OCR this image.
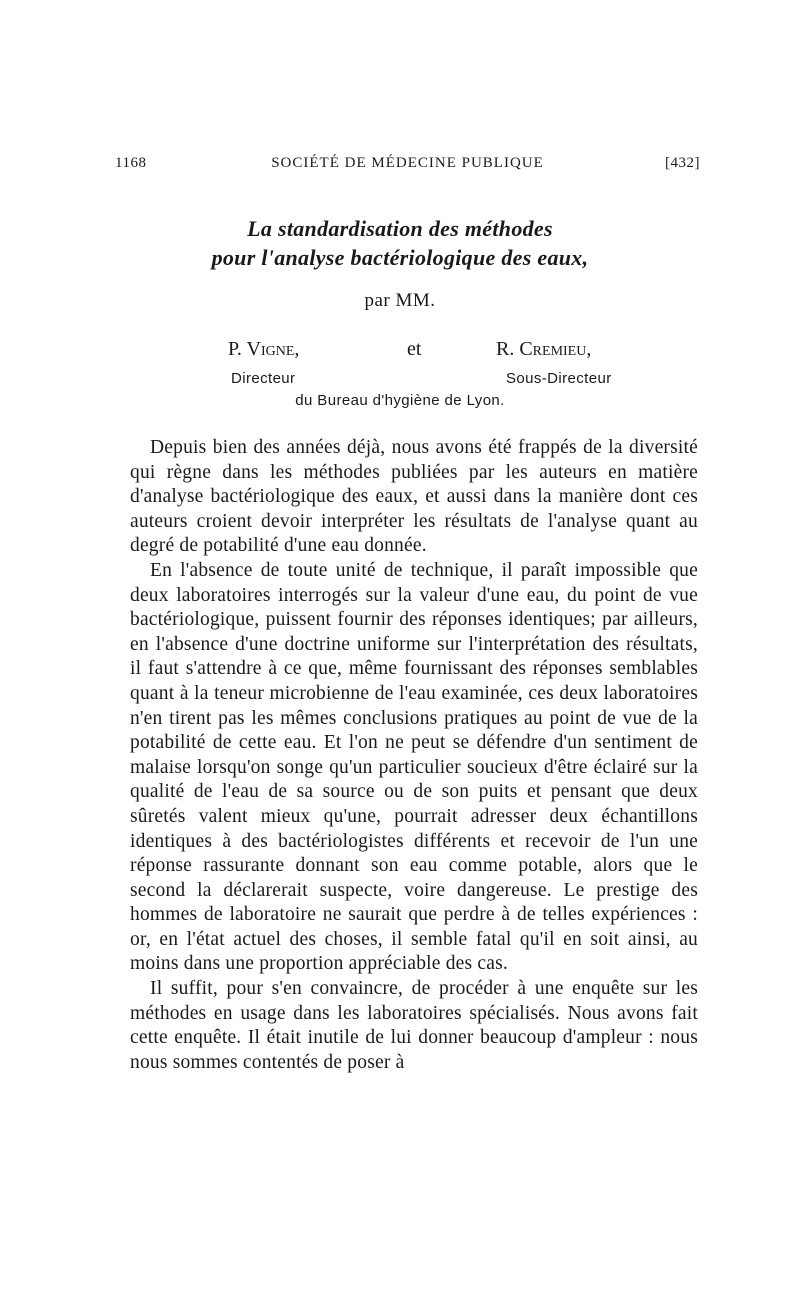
1168	SOCIÉTÉ DE MÉDECINE PUBLIQUE	[432]
La standardisation des méthodes
pour l'analyse bactériologique des eaux,
par MM.
P. Vigne,	et	R. Cremieu,
Directeur	Sous-Directeur
du Bureau d'hygiène de Lyon.

Depuis bien des années déjà, nous avons été frappés de la diversité qui règne dans les méthodes publiées par les auteurs en matière d'analyse bactériologique des eaux, et aussi dans la manière dont ces auteurs croient devoir interpréter les résultats de l'analyse quant au degré de potabilité d'une eau donnée.

En l'absence de toute unité de technique, il paraît impossible que deux laboratoires interrogés sur la valeur d'une eau, du point de vue bactériologique, puissent fournir des réponses identiques; par ailleurs, en l'absence d'une doctrine uniforme sur l'interprétation des résultats, il faut s'attendre à ce que, même fournissant des réponses semblables quant à la teneur microbienne de l'eau examinée, ces deux laboratoires n'en tirent pas les mêmes conclusions pratiques au point de vue de la potabilité de cette eau. Et l'on ne peut se défendre d'un sentiment de malaise lorsqu'on songe qu'un particulier soucieux d'être éclairé sur la qualité de l'eau de sa source ou de son puits et pensant que deux sûretés valent mieux qu'une, pourrait adresser deux échantillons identiques à des bactériologistes différents et recevoir de l'un une réponse rassurante donnant son eau comme potable, alors que le second la déclarerait suspecte, voire dangereuse. Le prestige des hommes de laboratoire ne saurait que perdre à de telles expériences : or, en l'état actuel des choses, il semble fatal qu'il en soit ainsi, au moins dans une proportion appréciable des cas.

Il suffit, pour s'en convaincre, de procéder à une enquête sur les méthodes en usage dans les laboratoires spécialisés. Nous avons fait cette enquête. Il était inutile de lui donner beaucoup d'ampleur : nous nous sommes contentés de poser à
